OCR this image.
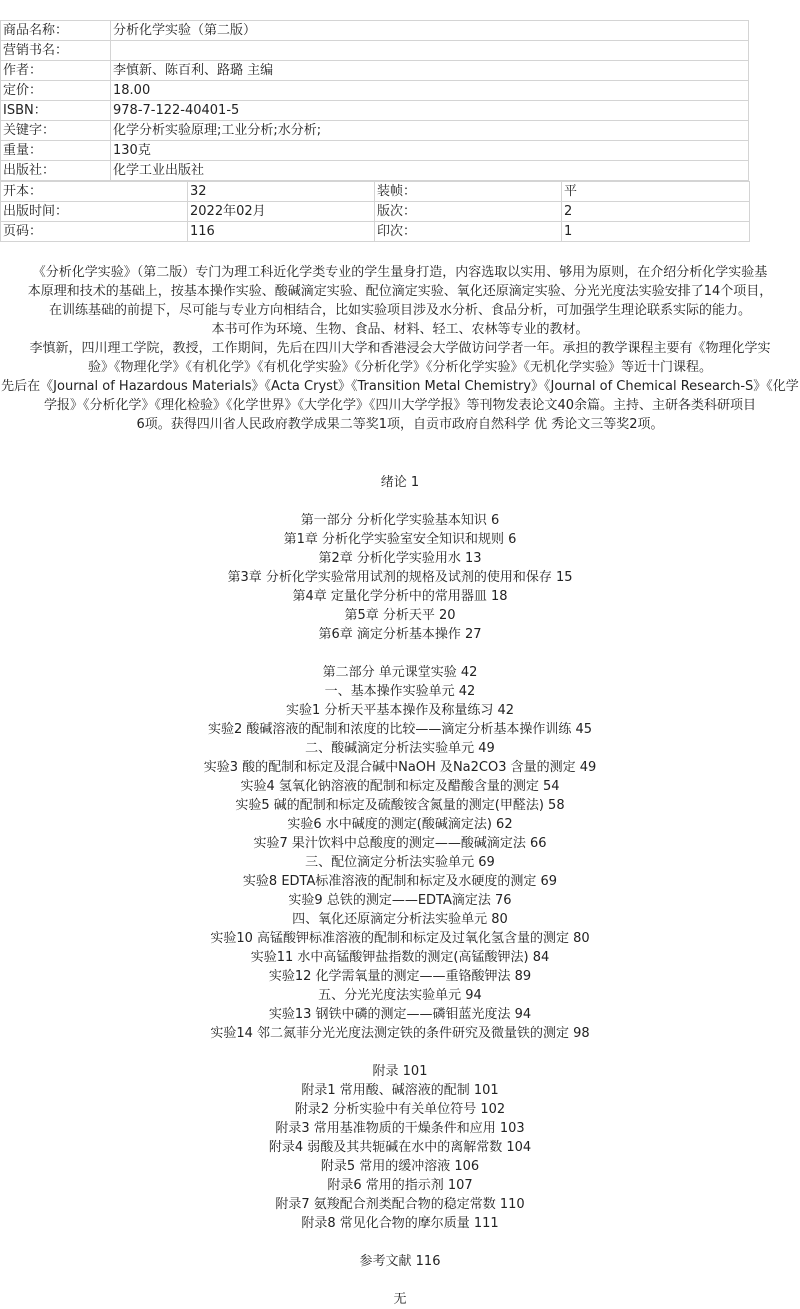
商品名称：	分析化学实验（第二版）
营销书名：	
作者：	李慎新、陈百利、路璐 主编
定价：	18.00
ISBN：	978-7-122-40401-5
关键字：	化学分析实验原理;工业分析;水分析;
重量：	130克
出版社：	化学工业出版社
开本：	32	装帧：	平
出版时间：	2022年02月	版次：	2
页码：	116	印次：	1

《分析化学实验》（第二版）专门为理工科近化学类专业的学生量身打造，内容选取以实用、够用为原则，在介绍分析化学实验基

本原理和技术的基础上，按基本操作实验、酸碱滴定实验、配位滴定实验、氧化还原滴定实验、分光光度法实验安排了14个项目，

在训练基础的前提下，尽可能与专业方向相结合，比如实验项目涉及水分析、食品分析，可加强学生理论联系实际的能力。

本书可作为环境、生物、食品、材料、轻工、农林等专业的教材。

李慎新，四川理工学院，教授，工作期间，先后在四川大学和香港浸会大学做访问学者一年。承担的教学课程主要有《物理化学实

验》《物理化学》《有机化学》《有机化学实验》《分析化学》《分析化学实验》《无机化学实验》等近十门课程。

先后在《Journal of Hazardous Materials》《Acta Cryst》《Transition Metal Chemistry》《Journal of Chemical Research-S》《化学

学报》《分析化学》《理化检验》《化学世界》《大学化学》《四川大学学报》等刊物发表论文40余篇。主持、主研各类科研项目

6项。获得四川省人民政府教学成果二等奖1项，自贡市政府自然科学 优 秀论文三等奖2项。

绪论 1
第一部分 分析化学实验基本知识 6
第1章 分析化学实验室安全知识和规则 6
第2章 分析化学实验用水 13
第3章 分析化学实验常用试剂的规格及试剂的使用和保存 15
第4章 定量化学分析中的常用器皿 18
第5章 分析天平 20
第6章 滴定分析基本操作 27
第二部分 单元课堂实验 42
一、基本操作实验单元 42
实验1 分析天平基本操作及称量练习 42
实验2 酸碱溶液的配制和浓度的比较——滴定分析基本操作训练 45
二、酸碱滴定分析法实验单元 49
实验3 酸的配制和标定及混合碱中NaOH 及Na2CO3 含量的测定 49
实验4 氢氧化钠溶液的配制和标定及醋酸含量的测定 54
实验5 碱的配制和标定及硫酸铵含氮量的测定(甲醛法) 58
实验6 水中碱度的测定(酸碱滴定法) 62
实验7 果汁饮料中总酸度的测定——酸碱滴定法 66
三、配位滴定分析法实验单元 69
实验8 EDTA标准溶液的配制和标定及水硬度的测定 69
实验9 总铁的测定——EDTA滴定法 76
四、氧化还原滴定分析法实验单元 80
实验10 高锰酸钾标准溶液的配制和标定及过氧化氢含量的测定 80
实验11 水中高锰酸钾盐指数的测定(高锰酸钾法) 84
实验12 化学需氧量的测定——重铬酸钾法 89
五、分光光度法实验单元 94
实验13 钢铁中磷的测定——磷钼蓝光度法 94
实验14 邻二氮菲分光光度法测定铁的条件研究及微量铁的测定 98
附录 101
附录1 常用酸、碱溶液的配制 101
附录2 分析实验中有关单位符号 102
附录3 常用基准物质的干燥条件和应用 103
附录4 弱酸及其共轭碱在水中的离解常数 104
附录5 常用的缓冲溶液 106
附录6 常用的指示剂 107
附录7 氨羧配合剂类配合物的稳定常数 110
附录8 常见化合物的摩尔质量 111
参考文献 116
无
